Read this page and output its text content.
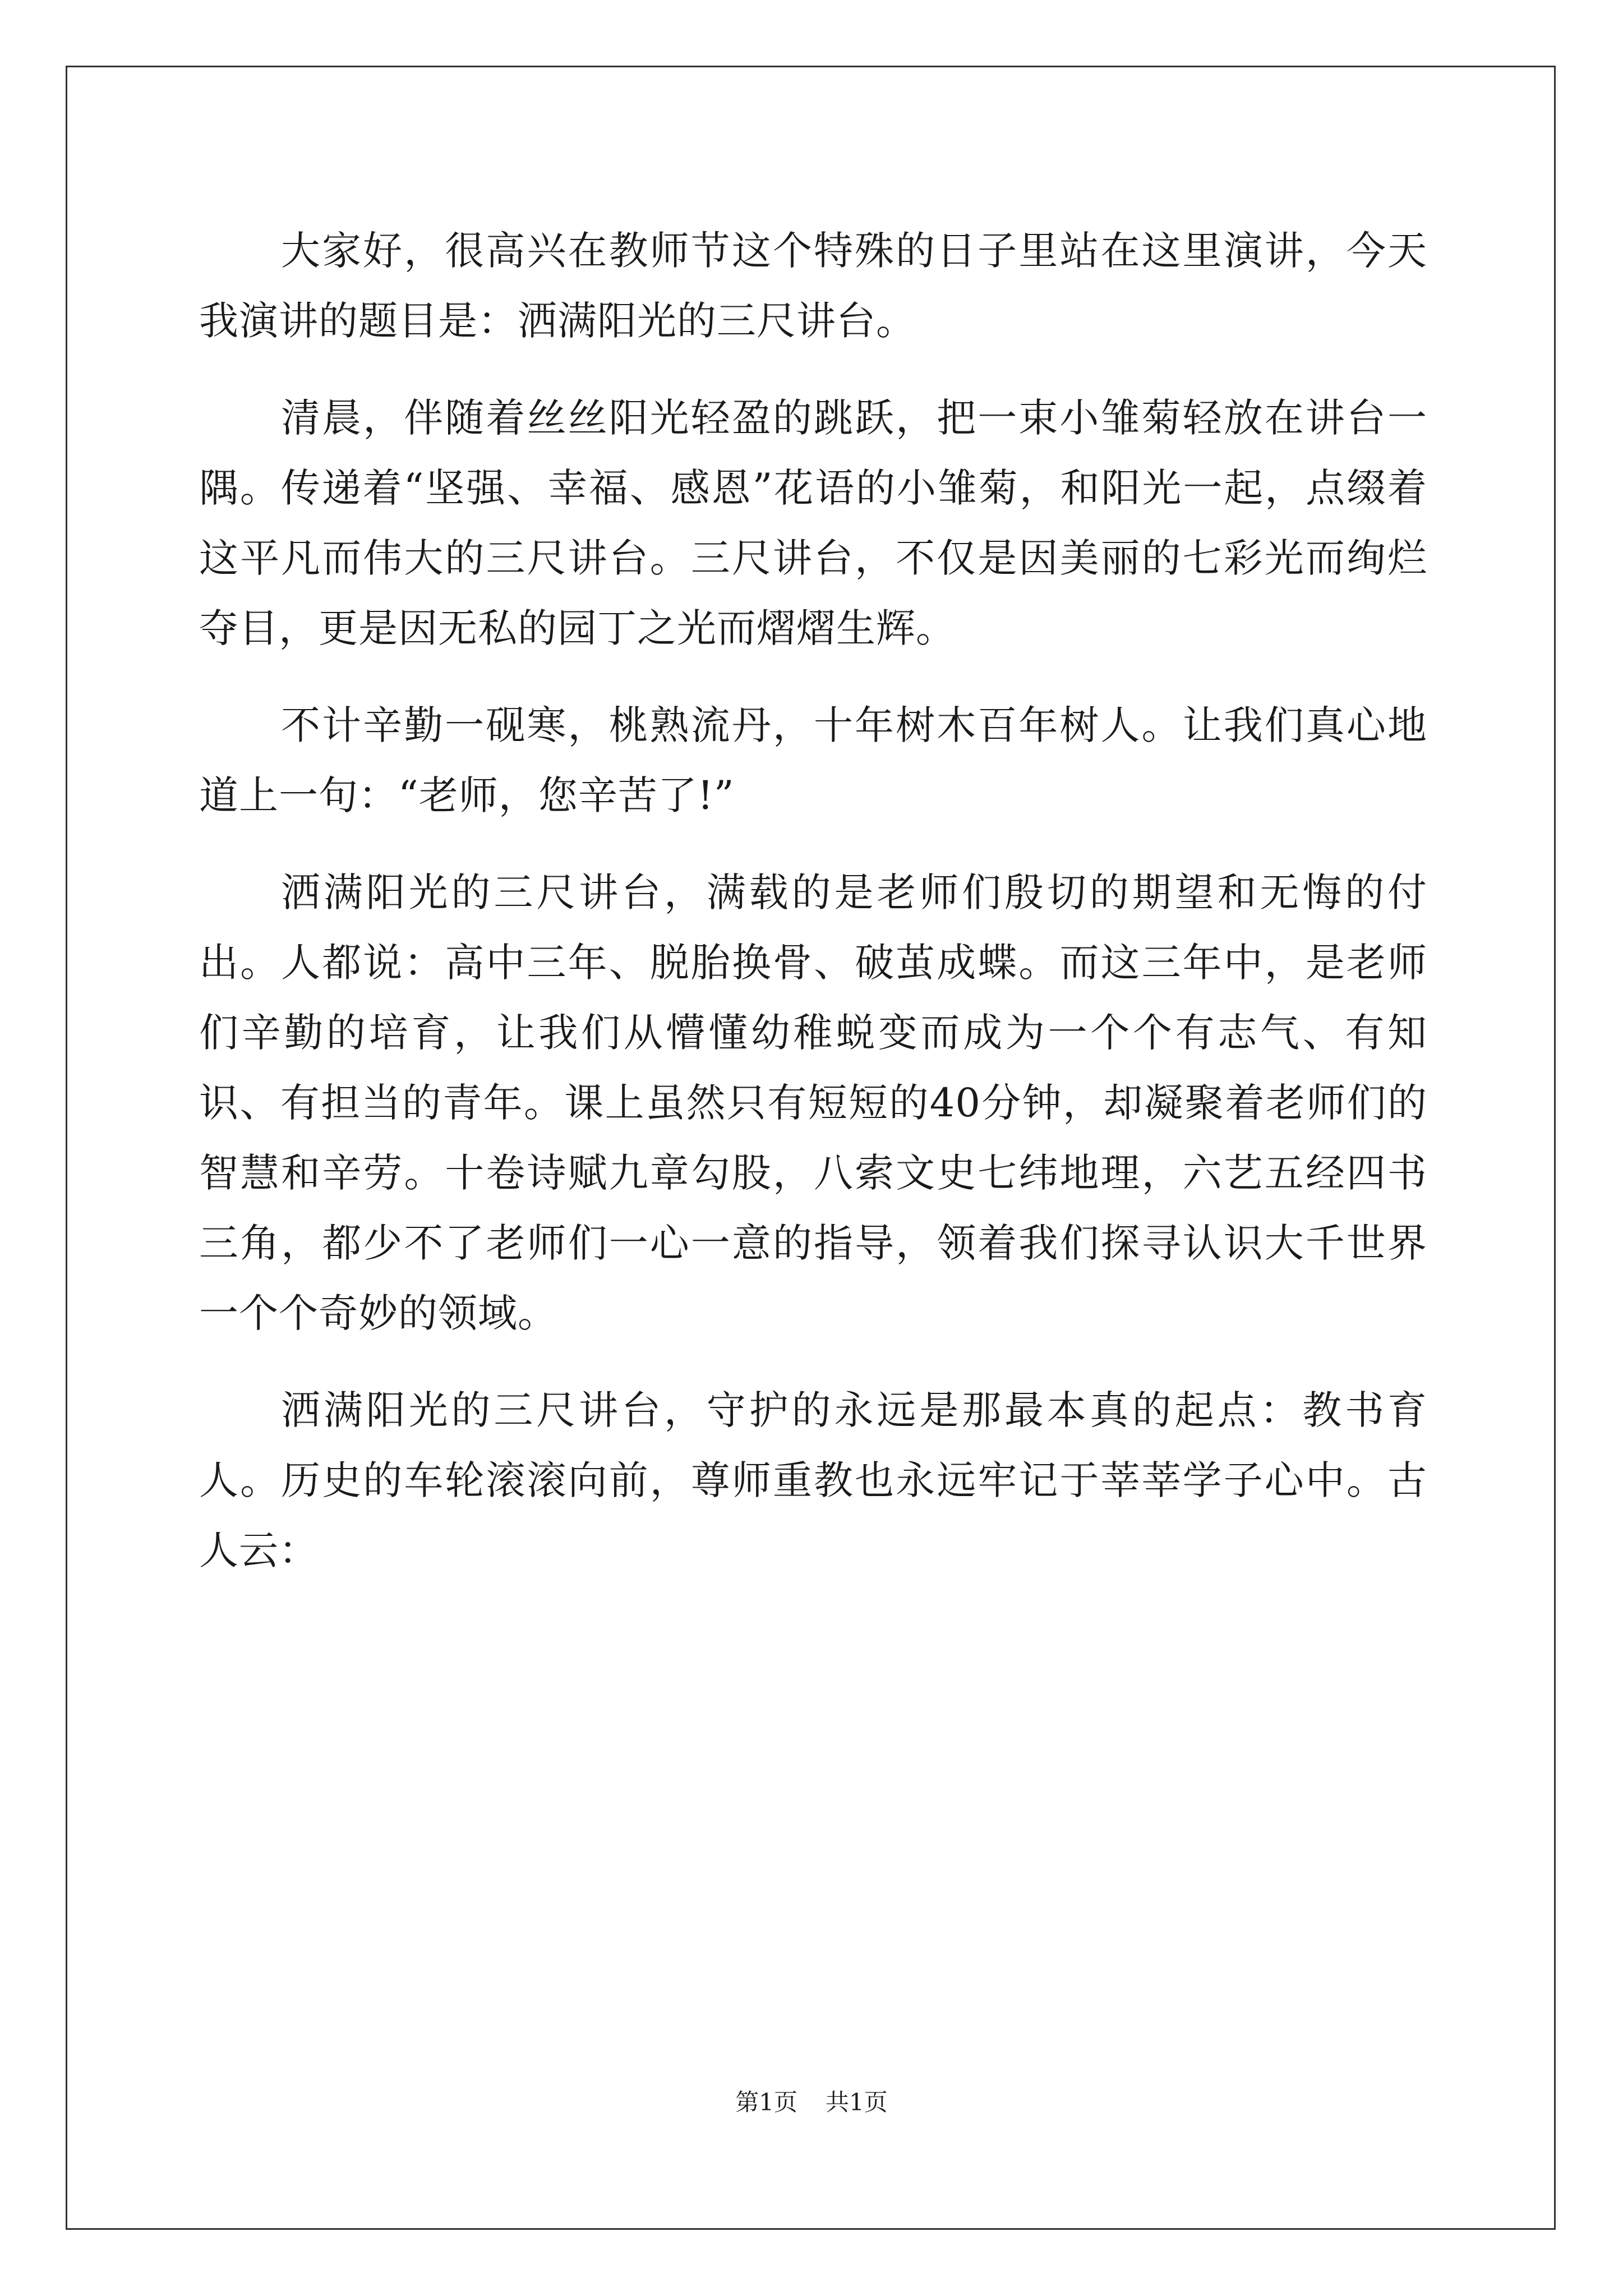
大家好，很高兴在教师节这个特殊的日子里站在这里演讲，今天我演讲的题目是：洒满阳光的三尺讲台。

清晨，伴随着丝丝阳光轻盈的跳跃，把一束小雏菊轻放在讲台一隅。传递着“坚强、幸福、感恩”花语的小雏菊，和阳光一起，点缀着这平凡而伟大的三尺讲台。三尺讲台，不仅是因美丽的七彩光而绚烂夺目，更是因无私的园丁之光而熠熠生辉。

不计辛勤一砚寒，桃熟流丹，十年树木百年树人。让我们真心地道上一句：“老师，您辛苦了!”

洒满阳光的三尺讲台，满载的是老师们殷切的期望和无悔的付出。人都说：高中三年、脱胎换骨、破茧成蝶。而这三年中，是老师们辛勤的培育，让我们从懵懂幼稚蜕变而成为一个个有志气、有知识、有担当的青年。课上虽然只有短短的40分钟，却凝聚着老师们的智慧和辛劳。十卷诗赋九章勾股，八索文史七纬地理，六艺五经四书三角，都少不了老师们一心一意的指导，领着我们探寻认识大千世界一个个奇妙的领域。

洒满阳光的三尺讲台，守护的永远是那最本真的起点：教书育人。历史的车轮滚滚向前，尊师重教也永远牢记于莘莘学子心中。古人云：

第1页 共1页
